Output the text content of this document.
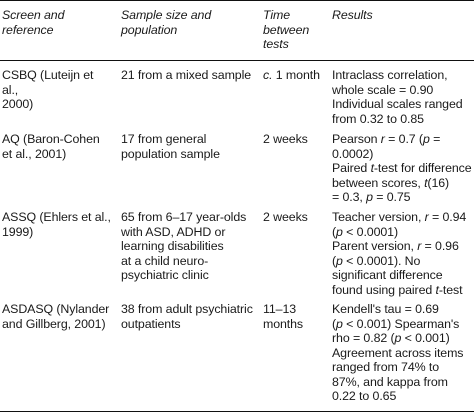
Screen and reference
Sample size and
population
Time
between
tests
Results
CSBQ (Luteijn et al.,
2000)
21 from a mixed sample c. 1 month Intraclass correlation,
whole scale = 0.90
Individual scales ranged
from 0.32 to 0.85
AQ (Baron-Cohen
et al., 2001)
17 from general
population sample
2 weeks	Pearson r = 0.7 (p =
0.0002)
Paired t-test for difference
between scores, t(16)
= 0.3, p = 0.75
ASSQ (Ehlers et al.,
1999)
65 from 6–17 year-olds
with ASD, ADHD or
learning disabilities
at a child neuro-
psychiatric clinic
2 weeks	Teacher version, r = 0.94
(p < 0.0001)
Parent version, r = 0.96
(p < 0.0001). No
significant difference
found using paired t-test
ASDASQ (Nylander
and Gillberg, 2001)
38 from adult psychiatric
outpatients
11–13
months
Kendell's tau = 0.69
(p < 0.001) Spearman's
rho = 0.82 (p < 0.001)
Agreement across items
ranged from 74% to
87%, and kappa from
0.22 to 0.65
